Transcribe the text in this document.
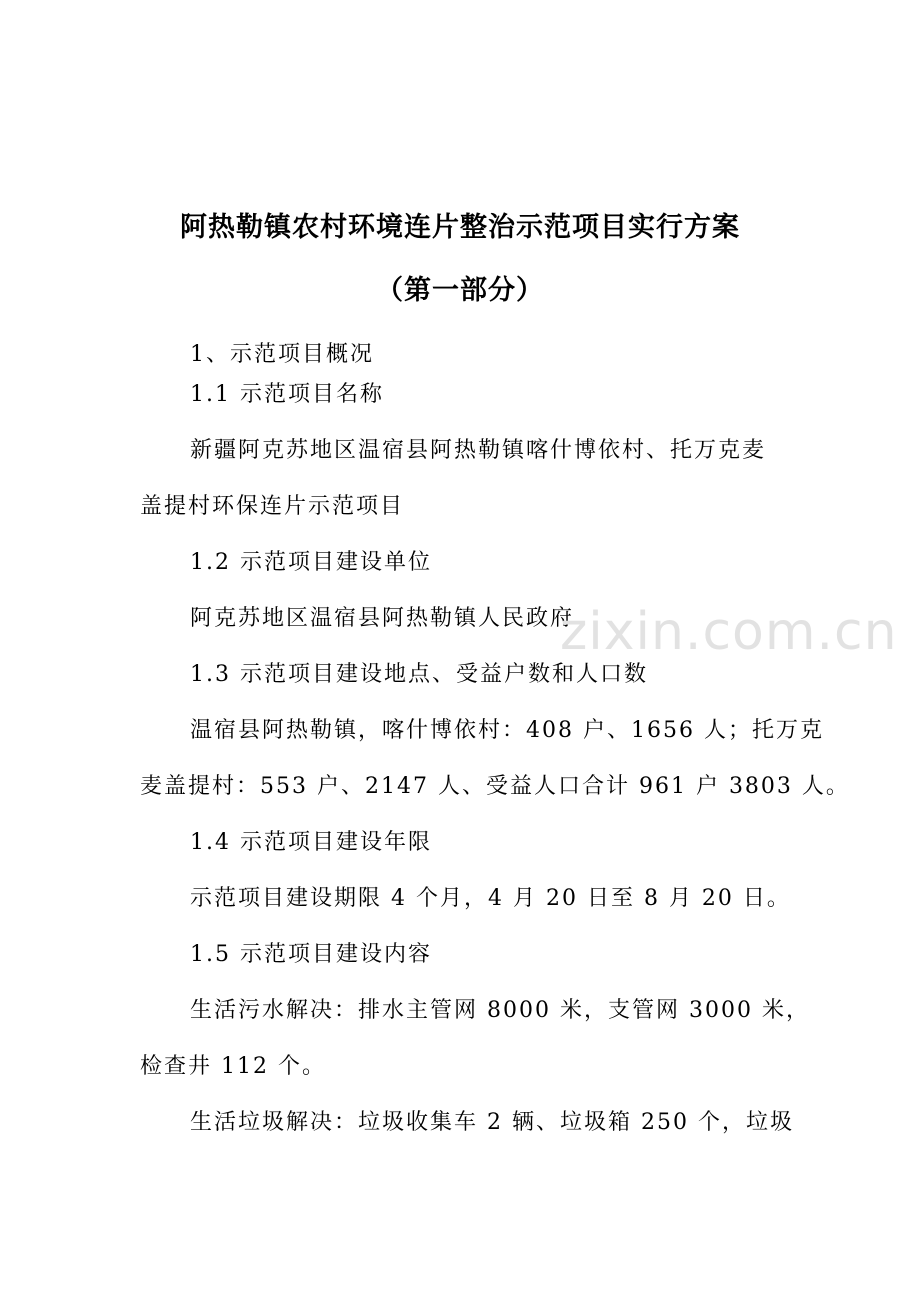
阿热勒镇农村环境连片整治示范项目实行方案
（第一部分）
1、示范项目概况
1.1 示范项目名称
新疆阿克苏地区温宿县阿热勒镇喀什博依村、托万克麦
盖提村环保连片示范项目
1.2 示范项目建设单位
阿克苏地区温宿县阿热勒镇人民政府
1.3 示范项目建设地点、受益户数和人口数
温宿县阿热勒镇，喀什博依村：408 户、1656 人；托万克
麦盖提村：553 户、2147 人、受益人口合计 961 户 3803 人。
1.4 示范项目建设年限
示范项目建设期限 4 个月，4 月 20 日至 8 月 20 日。
1.5 示范项目建设内容
生活污水解决：排水主管网 8000 米，支管网 3000 米，
检查井 112 个。
生活垃圾解决：垃圾收集车 2 辆、垃圾箱 250 个，垃圾
zixin.com.cn
